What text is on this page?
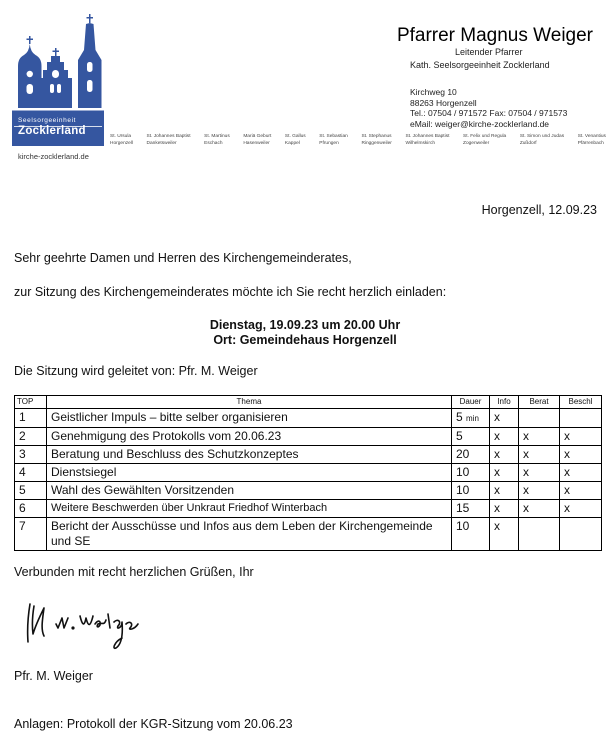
Seelsorgeeinheit
Zocklerland
kirche-zocklerland.de
St. Ursula
Horgenzell
St. Johannes Baptist
Danketsweiler
St. Martinus
Eschach
Mariä Geburt
Hasenweiler
St. Gallus
Kappel
St. Sebastian
Pfrungen
St. Stephanus
Ringgenweiler
St. Johannes Baptist
Wilhelmskirch
St. Felix und Regula
Zogenweiler
St. Simon und Judas
Zußdorf
St. Venantius
Pfärrenbach
Pfarrer Magnus Weiger
Leitender Pfarrer
Kath. Seelsorgeeinheit Zocklerland
Kirchweg 10
88263 Horgenzell
Tel.: 07504 / 971572 Fax: 07504 / 971573
eMail: weiger@kirche-zocklerland.de
Horgenzell, 12.09.23
Sehr geehrte Damen und Herren des Kirchengemeinderates,
zur Sitzung des Kirchengemeinderates möchte ich Sie recht herzlich einladen:
Dienstag, 19.09.23 um 20.00 Uhr
Ort: Gemeindehaus Horgenzell
Die Sitzung wird geleitet von: Pfr. M. Weiger
TOP	Thema	Dauer	Info	Berat	Beschl
1	Geistlicher Impuls – bitte selber organisieren	5 min	x		
2	Genehmigung des Protokolls vom 20.06.23	5	x	x	x
3	Beratung und Beschluss des Schutzkonzeptes	20	x	x	x
4	Dienstsiegel	10	x	x	x
5	Wahl des Gewählten Vorsitzenden	10	x	x	x
6	Weitere Beschwerden über Unkraut Friedhof Winterbach	15	x	x	x
7	Bericht der Ausschüsse und Infos aus dem Leben der Kirchengemeinde und SE	10	x		
Verbunden mit recht herzlichen Grüßen, Ihr
Pfr. M. Weiger
Anlagen: Protokoll der KGR-Sitzung vom 20.06.23
